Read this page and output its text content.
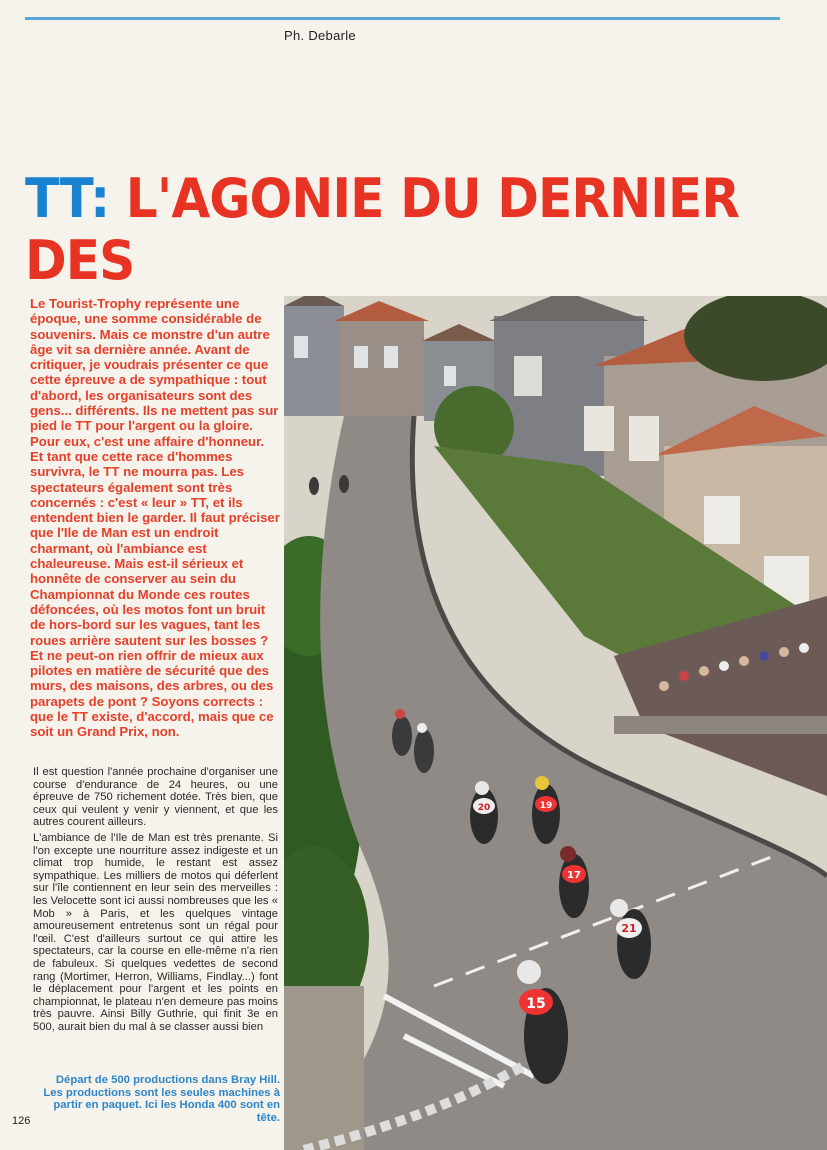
Ph. Debarle
TT: L'AGONIE DU DERNIER DES

Le Tourist-Trophy représente une époque, une somme considérable de souvenirs. Mais ce monstre d'un autre âge vit sa dernière année. Avant de critiquer, je voudrais présenter ce que cette épreuve a de sympathique : tout d'abord, les organisateurs sont des gens... différents. Ils ne mettent pas sur pied le TT pour l'argent ou la gloire. Pour eux, c'est une affaire d'honneur. Et tant que cette race d'hommes survivra, le TT ne mourra pas. Les spectateurs également sont très concernés : c'est « leur » TT, et ils entendent bien le garder. Il faut préciser que l'Ile de Man est un endroit charmant, où l'ambiance est chaleureuse. Mais est-il sérieux et honnête de conserver au sein du Championnat du Monde ces routes défoncées, où les motos font un bruit de hors-bord sur les vagues, tant les roues arrière sautent sur les bosses ? Et ne peut-on rien offrir de mieux aux pilotes en matière de sécurité que des murs, des maisons, des arbres, ou des parapets de pont ? Soyons corrects : que le TT existe, d'accord, mais que ce soit un Grand Prix, non.

Il est question l'année prochaine d'organiser une course d'endurance de 24 heures, ou une épreuve de 750 richement dotée. Très bien, que ceux qui veulent y venir y viennent, et que les autres courent ailleurs.

L'ambiance de l'Ile de Man est très prenante. Si l'on excepte une nourriture assez indigeste et un climat trop humide, le restant est assez sympathique. Les milliers de motos qui déferlent sur l'île contiennent en leur sein des merveilles : les Velocette sont ici aussi nombreuses que les « Mob » à Paris, et les quelques vintage amoureusement entretenus sont un régal pour l'œil. C'est d'ailleurs surtout ce qui attire les spectateurs, car la course en elle-même n'a rien de fabuleux. Si quelques vedettes de second rang (Mortimer, Herron, Williams, Findlay...) font le déplacement pour l'argent et les points en championnat, le plateau n'en demeure pas moins très pauvre. Ainsi Billy Guthrie, qui finit 3e en 500, aurait bien du mal à se classer aussi bien

Départ de 500 productions dans Bray Hill. Les productions sont les seules machines à partir en paquet. Ici les Honda 400 sont en tête.
126
20	19
17
21
15
